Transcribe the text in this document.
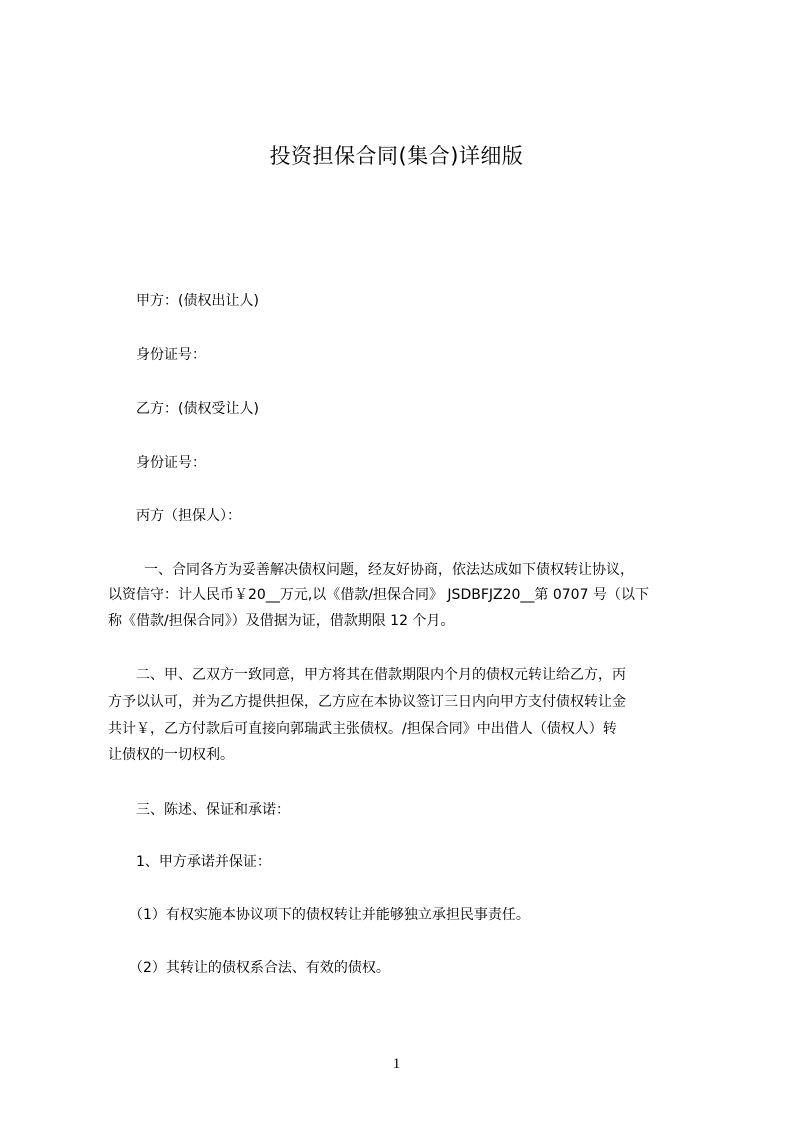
投资担保合同(集合)详细版
甲方：(债权出让人)
身份证号：
乙方：(债权受让人)
身份证号：
丙方（担保人）：
一、合同各方为妥善解决债权问题，经友好协商，依法达成如下债权转让协议，
以资信守：计人民币￥20__万元,以《借款/担保合同》 JSDBFJZ20__第 0707 号（以下
称《借款/担保合同》）及借据为证，借款期限 12 个月。
二、甲、乙双方一致同意，甲方将其在借款期限内个月的债权元转让给乙方，丙
方予以认可，并为乙方提供担保，乙方应在本协议签订三日内向甲方支付债权转让金
共计￥，乙方付款后可直接向郭瑞武主张债权。/担保合同》中出借人（债权人）转
让债权的一切权利。
三、陈述、保证和承诺：
1、甲方承诺并保证：
（1）有权实施本协议项下的债权转让并能够独立承担民事责任。
（2）其转让的债权系合法、有效的债权。
1
